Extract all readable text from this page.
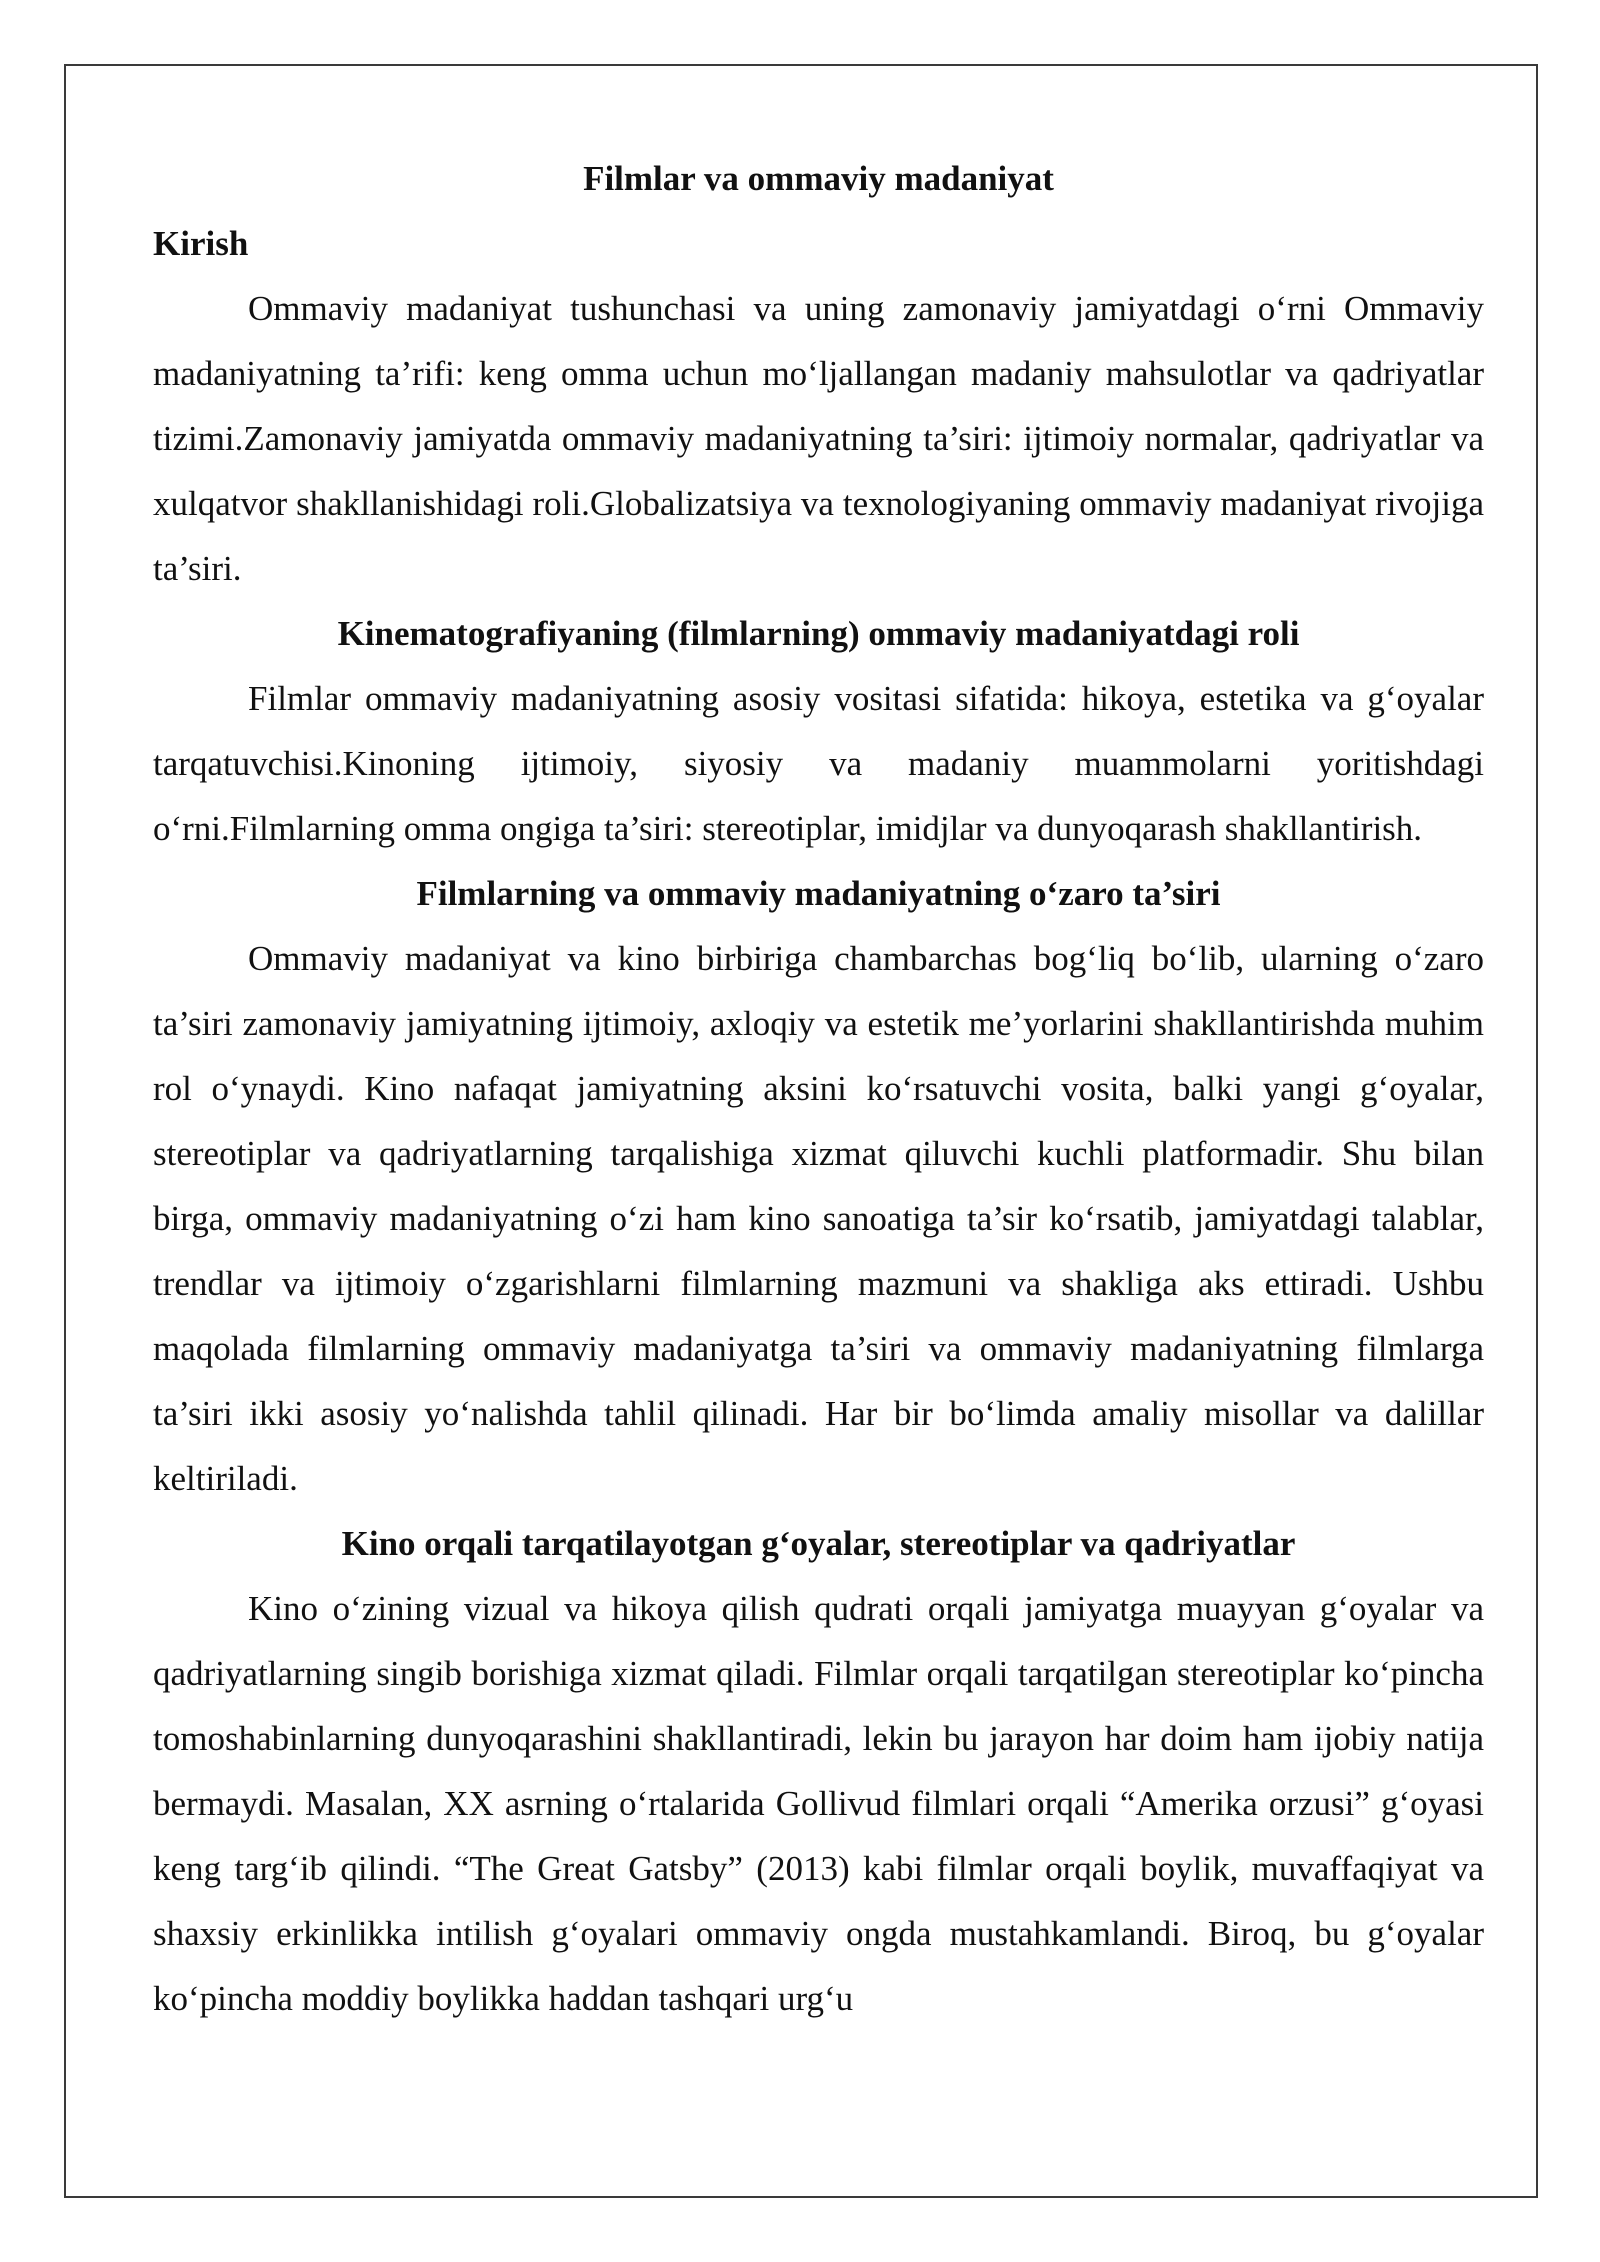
Filmlar va ommaviy madaniyat
Kirish

Ommaviy madaniyat tushunchasi va uning zamonaviy jamiyatdagi o‘rni Ommaviy madaniyatning ta’rifi: keng omma uchun mo‘ljallangan madaniy mahsulotlar va qadriyatlar tizimi.Zamonaviy jamiyatda ommaviy madaniyatning ta’siri: ijtimoiy normalar, qadriyatlar va xulqatvor shakllanishidagi roli.Globalizatsiya va texnologiyaning ommaviy madaniyat rivojiga ta’siri.

Kinematografiyaning (filmlarning) ommaviy madaniyatdagi roli

Filmlar ommaviy madaniyatning asosiy vositasi sifatida: hikoya, estetika va g‘oyalar tarqatuvchisi.Kinoning ijtimoiy, siyosiy va madaniy muammolarni yoritishdagi o‘rni.Filmlarning omma ongiga ta’siri: stereotiplar, imidjlar va dunyoqarash shakllantirish.

Filmlarning va ommaviy madaniyatning o‘zaro ta’siri

Ommaviy madaniyat va kino birbiriga chambarchas bog‘liq bo‘lib, ularning o‘zaro ta’siri zamonaviy jamiyatning ijtimoiy, axloqiy va estetik me’yorlarini shakllantirishda muhim rol o‘ynaydi. Kino nafaqat jamiyatning aksini ko‘rsatuvchi vosita, balki yangi g‘oyalar, stereotiplar va qadriyatlarning tarqalishiga xizmat qiluvchi kuchli platformadir. Shu bilan birga, ommaviy madaniyatning o‘zi ham kino sanoatiga ta’sir ko‘rsatib, jamiyatdagi talablar, trendlar va ijtimoiy o‘zgarishlarni filmlarning mazmuni va shakliga aks ettiradi. Ushbu maqolada filmlarning ommaviy madaniyatga ta’siri va ommaviy madaniyatning filmlarga ta’siri ikki asosiy yo‘nalishda tahlil qilinadi. Har bir bo‘limda amaliy misollar va dalillar keltiriladi.

Kino orqali tarqatilayotgan g‘oyalar, stereotiplar va qadriyatlar

Kino o‘zining vizual va hikoya qilish qudrati orqali jamiyatga muayyan g‘oyalar va qadriyatlarning singib borishiga xizmat qiladi. Filmlar orqali tarqatilgan stereotiplar ko‘pincha tomoshabinlarning dunyoqarashini shakllantiradi, lekin bu jarayon har doim ham ijobiy natija bermaydi. Masalan, XX asrning o‘rtalarida Gollivud filmlari orqali “Amerika orzusi” g‘oyasi keng targ‘ib qilindi. “The Great Gatsby” (2013) kabi filmlar orqali boylik, muvaffaqiyat va shaxsiy erkinlikka intilish g‘oyalari ommaviy ongda mustahkamlandi. Biroq, bu g‘oyalar ko‘pincha moddiy boylikka haddan tashqari urg‘u
